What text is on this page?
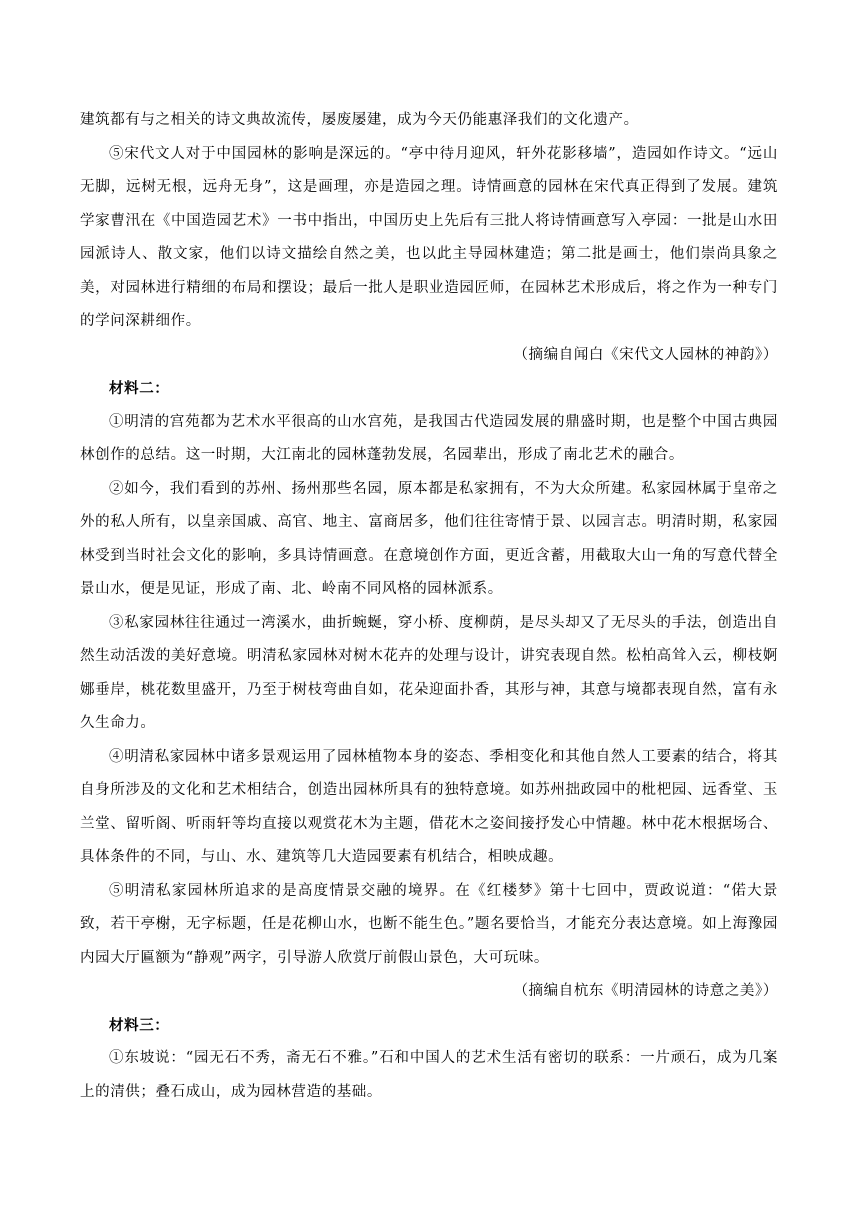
建筑都有与之相关的诗文典故流传，屡废屡建，成为今天仍能惠泽我们的文化遗产。

⑤宋代文人对于中国园林的影响是深远的。“亭中待月迎风，轩外花影移墙”，造园如作诗文。“远山无脚，远树无根，远舟无身”，这是画理，亦是造园之理。诗情画意的园林在宋代真正得到了发展。建筑学家曹汛在《中国造园艺术》一书中指出，中国历史上先后有三批人将诗情画意写入亭园：一批是山水田园派诗人、散文家，他们以诗文描绘自然之美，也以此主导园林建造；第二批是画士，他们崇尚具象之美，对园林进行精细的布局和摆设；最后一批人是职业造园匠师，在园林艺术形成后，将之作为一种专门的学问深耕细作。

（摘编自闻白《宋代文人园林的神韵》）

材料二：

①明清的宫苑都为艺术水平很高的山水宫苑，是我国古代造园发展的鼎盛时期，也是整个中国古典园林创作的总结。这一时期，大江南北的园林蓬勃发展，名园辈出，形成了南北艺术的融合。

②如今，我们看到的苏州、扬州那些名园，原本都是私家拥有，不为大众所建。私家园林属于皇帝之外的私人所有，以皇亲国戚、高官、地主、富商居多，他们往往寄情于景、以园言志。明清时期，私家园林受到当时社会文化的影响，多具诗情画意。在意境创作方面，更近含蓄，用截取大山一角的写意代替全景山水，便是见证，形成了南、北、岭南不同风格的园林派系。

③私家园林往往通过一湾溪水，曲折蜿蜒，穿小桥、度柳荫，是尽头却又了无尽头的手法，创造出自然生动活泼的美好意境。明清私家园林对树木花卉的处理与设计，讲究表现自然。松柏高耸入云，柳枝婀娜垂岸，桃花数里盛开，乃至于树枝弯曲自如，花朵迎面扑香，其形与神，其意与境都表现自然，富有永久生命力。

④明清私家园林中诸多景观运用了园林植物本身的姿态、季相变化和其他自然人工要素的结合，将其自身所涉及的文化和艺术相结合，创造出园林所具有的独特意境。如苏州拙政园中的枇杷园、远香堂、玉兰堂、留听阁、听雨轩等均直接以观赏花木为主题，借花木之姿间接抒发心中情趣。林中花木根据场合、具体条件的不同，与山、水、建筑等几大造园要素有机结合，相映成趣。

⑤明清私家园林所追求的是高度情景交融的境界。在《红楼梦》第十七回中，贾政说道：“偌大景致，若干亭榭，无字标题，任是花柳山水，也断不能生色。”题名要恰当，才能充分表达意境。如上海豫园内园大厅匾额为“静观”两字，引导游人欣赏厅前假山景色，大可玩味。

（摘编自杭东《明清园林的诗意之美》）

材料三：

①东坡说：“园无石不秀，斋无石不雅。”石和中国人的艺术生活有密切的联系：一片顽石，成为几案上的清供；叠石成山，成为园林营造的基础。
